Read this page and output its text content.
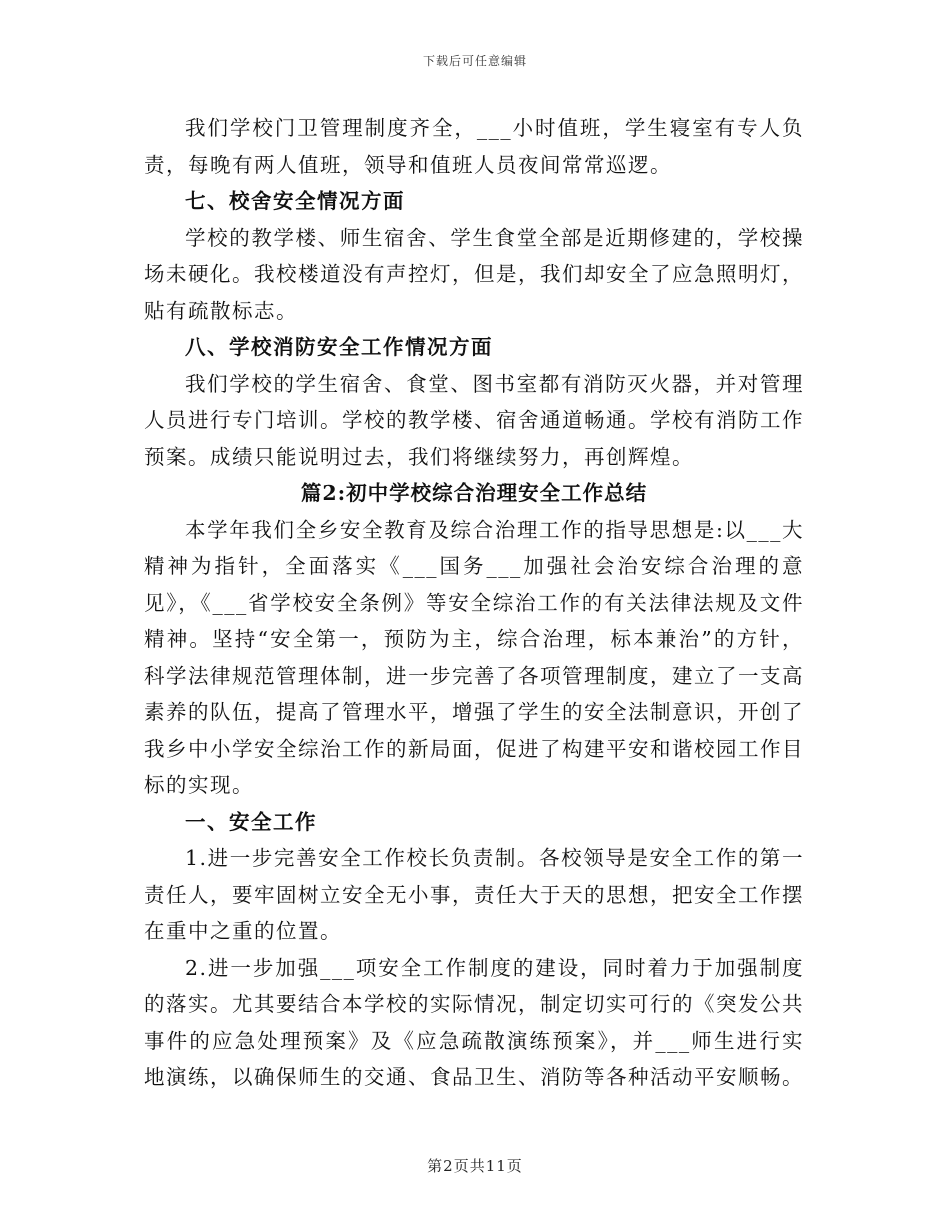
下载后可任意编辑

我们学校门卫管理制度齐全，___小时值班，学生寝室有专人负责，每晚有两人值班，领导和值班人员夜间常常巡逻。

七、校舍安全情况方面

学校的教学楼、师生宿舍、学生食堂全部是近期修建的，学校操场未硬化。我校楼道没有声控灯，但是，我们却安全了应急照明灯，贴有疏散标志。

八、学校消防安全工作情况方面

我们学校的学生宿舍、食堂、图书室都有消防灭火器，并对管理人员进行专门培训。学校的教学楼、宿舍通道畅通。学校有消防工作预案。成绩只能说明过去，我们将继续努力，再创辉煌。

篇2:初中学校综合治理安全工作总结

本学年我们全乡安全教育及综合治理工作的指导思想是:以___大精神为指针，全面落实《___国务___加强社会治安综合治理的意见》，《___省学校安全条例》等安全综治工作的有关法律法规及文件精神。坚持“安全第一，预防为主，综合治理，标本兼治”的方针，科学法律规范管理体制，进一步完善了各项管理制度，建立了一支高素养的队伍，提高了管理水平，增强了学生的安全法制意识，开创了我乡中小学安全综治工作的新局面，促进了构建平安和谐校园工作目标的实现。

一、安全工作

1.进一步完善安全工作校长负责制。各校领导是安全工作的第一责任人，要牢固树立安全无小事，责任大于天的思想，把安全工作摆在重中之重的位置。

2.进一步加强___项安全工作制度的建设，同时着力于加强制度的落实。尤其要结合本学校的实际情况，制定切实可行的《突发公共事件的应急处理预案》及《应急疏散演练预案》，并___师生进行实地演练，以确保师生的交通、食品卫生、消防等各种活动平安顺畅。

第2页共11页
